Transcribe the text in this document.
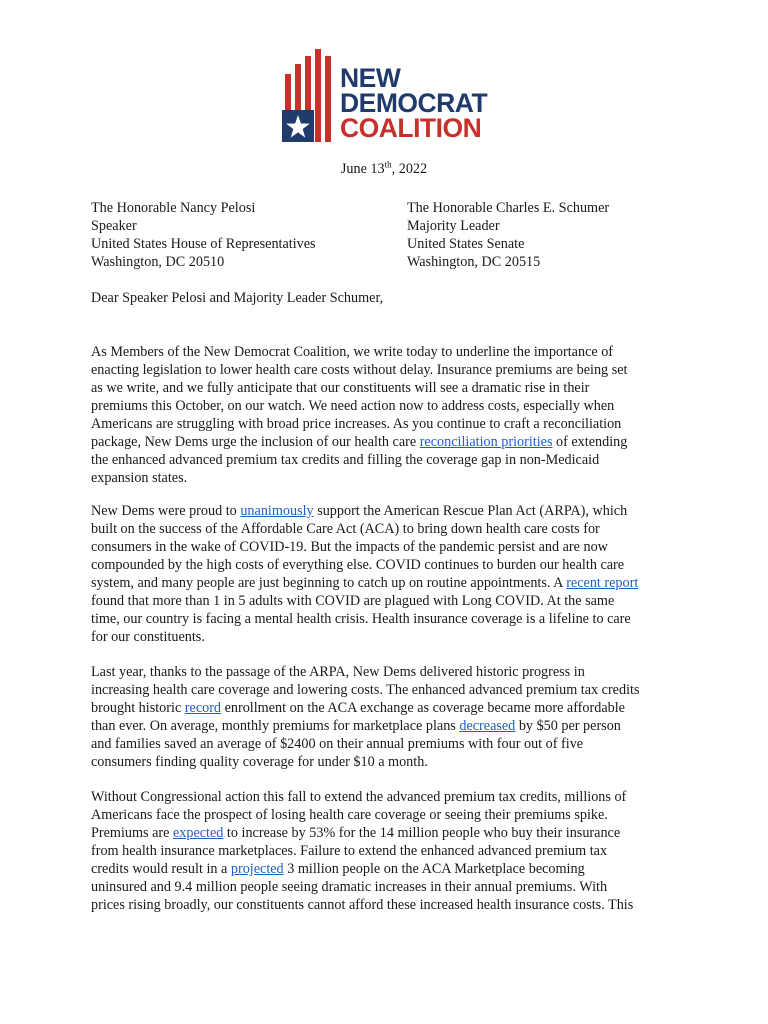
NEW
DEMOCRAT
COALITION
June 13th, 2022
The Honorable Nancy Pelosi
Speaker
United States House of Representatives
Washington, DC 20510
The Honorable Charles E. Schumer
Majority Leader
United States Senate
Washington, DC 20515
Dear Speaker Pelosi and Majority Leader Schumer,
As Members of the New Democrat Coalition, we write today to underline the importance of
enacting legislation to lower health care costs without delay. Insurance premiums are being set
as we write, and we fully anticipate that our constituents will see a dramatic rise in their
premiums this October, on our watch. We need action now to address costs, especially when
Americans are struggling with broad price increases. As you continue to craft a reconciliation
package, New Dems urge the inclusion of our health care reconciliation priorities of extending
the enhanced advanced premium tax credits and filling the coverage gap in non-Medicaid
expansion states.
New Dems were proud to unanimously support the American Rescue Plan Act (ARPA), which
built on the success of the Affordable Care Act (ACA) to bring down health care costs for
consumers in the wake of COVID-19. But the impacts of the pandemic persist and are now
compounded by the high costs of everything else. COVID continues to burden our health care
system, and many people are just beginning to catch up on routine appointments. A recent report
found that more than 1 in 5 adults with COVID are plagued with Long COVID. At the same
time, our country is facing a mental health crisis. Health insurance coverage is a lifeline to care
for our constituents.
Last year, thanks to the passage of the ARPA, New Dems delivered historic progress in
increasing health care coverage and lowering costs. The enhanced advanced premium tax credits
brought historic record enrollment on the ACA exchange as coverage became more affordable
than ever. On average, monthly premiums for marketplace plans decreased by $50 per person
and families saved an average of $2400 on their annual premiums with four out of five
consumers finding quality coverage for under $10 a month.
Without Congressional action this fall to extend the advanced premium tax credits, millions of
Americans face the prospect of losing health care coverage or seeing their premiums spike.
Premiums are expected to increase by 53% for the 14 million people who buy their insurance
from health insurance marketplaces. Failure to extend the enhanced advanced premium tax
credits would result in a projected 3 million people on the ACA Marketplace becoming
uninsured and 9.4 million people seeing dramatic increases in their annual premiums. With
prices rising broadly, our constituents cannot afford these increased health insurance costs. This
